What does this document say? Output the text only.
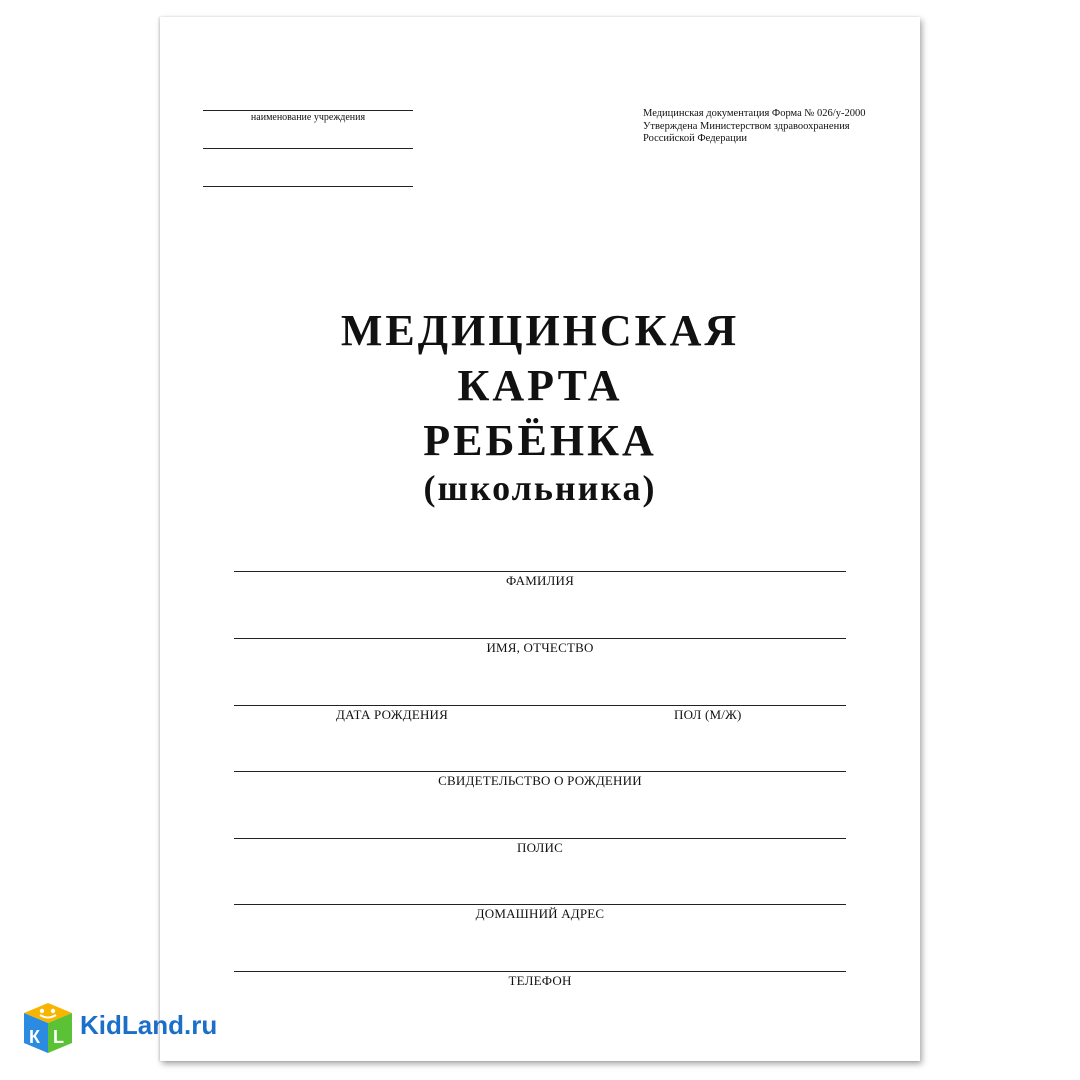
наименование учреждения	Медицинская документация Форма № 026/у-2000
Утверждена Министерством здравоохранения
Российской Федерации
МЕДИЦИНСКАЯ
КАРТА
РЕБЁНКА
(школьника)
ФАМИЛИЯ
ИМЯ, ОТЧЕСТВО
ДАТА РОЖДЕНИЯ	ПОЛ (М/Ж)
СВИДЕТЕЛЬСТВО О РОЖДЕНИИ
ПОЛИС
ДОМАШНИЙ АДРЕС
ТЕЛЕФОН
К L KidLand.ru
